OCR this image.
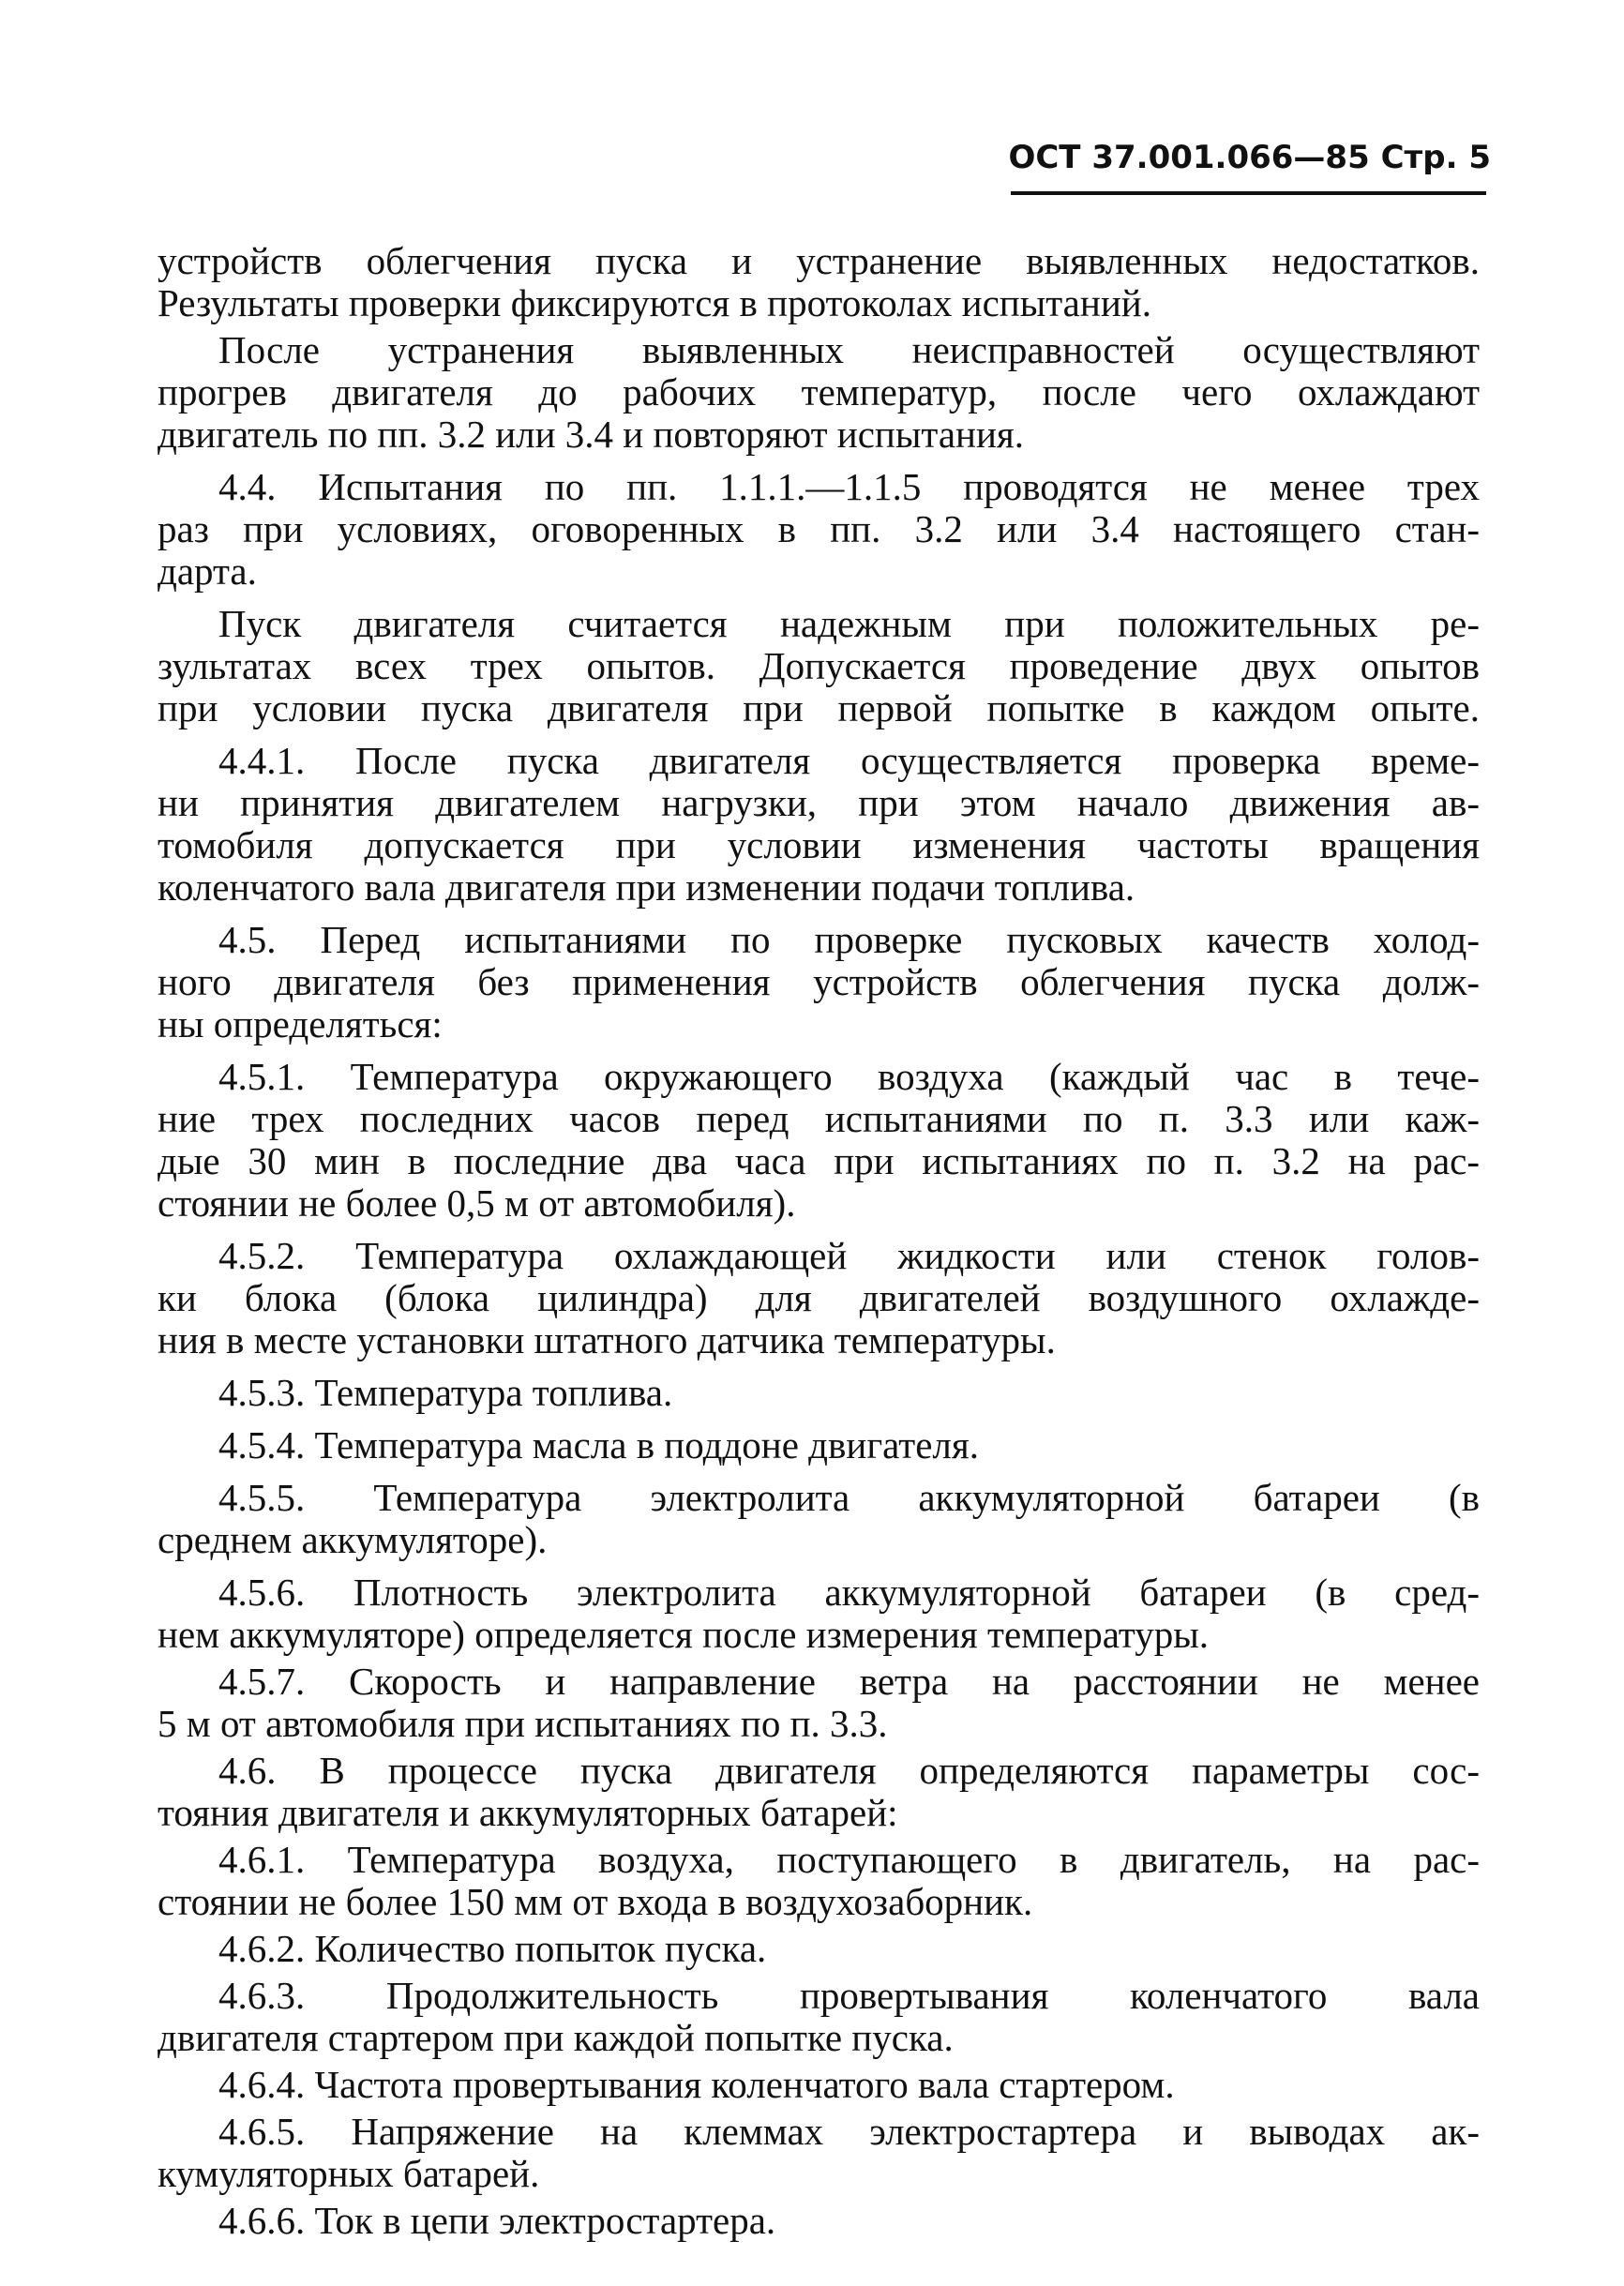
ОСТ 37.001.066—85 Стр. 5
устройств облегчения пуска и устранение выявленных недостатков.
Результаты проверки фиксируются в протоколах испытаний.
После устранения выявленных неисправностей осуществляют
прогрев двигателя до рабочих температур, после чего охлаждают
двигатель по пп. 3.2 или 3.4 и повторяют испытания.
4.4. Испытания по пп. 1.1.1.—1.1.5 проводятся не менее трех
раз при условиях, оговоренных в пп. 3.2 или 3.4 настоящего стан-
дарта.
Пуск двигателя считается надежным при положительных ре-
зультатах всех трех опытов. Допускается проведение двух опытов
при условии пуска двигателя при первой попытке в каждом опыте.
4.4.1. После пуска двигателя осуществляется проверка време-
ни принятия двигателем нагрузки, при этом начало движения ав-
томобиля допускается при условии изменения частоты вращения
коленчатого вала двигателя при изменении подачи топлива.
4.5. Перед испытаниями по проверке пусковых качеств холод-
ного двигателя без применения устройств облегчения пуска долж-
ны определяться:
4.5.1. Температура окружающего воздуха (каждый час в тече-
ние трех последних часов перед испытаниями по п. 3.3 или каж-
дые 30 мин в последние два часа при испытаниях по п. 3.2 на рас-
стоянии не более 0,5 м от автомобиля).
4.5.2. Температура охлаждающей жидкости или стенок голов-
ки блока (блока цилиндра) для двигателей воздушного охлажде-
ния в месте установки штатного датчика температуры.
4.5.3. Температура топлива.
4.5.4. Температура масла в поддоне двигателя.
4.5.5. Температура электролита аккумуляторной батареи (в
среднем аккумуляторе).
4.5.6. Плотность электролита аккумуляторной батареи (в сред-
нем аккумуляторе) определяется после измерения температуры.
4.5.7. Скорость и направление ветра на расстоянии не менее
5 м от автомобиля при испытаниях по п. 3.3.
4.6. В процессе пуска двигателя определяются параметры сос-
тояния двигателя и аккумуляторных батарей:
4.6.1. Температура воздуха, поступающего в двигатель, на рас-
стоянии не более 150 мм от входа в воздухозаборник.
4.6.2. Количество попыток пуска.
4.6.3. Продолжительность провертывания коленчатого вала
двигателя стартером при каждой попытке пуска.
4.6.4. Частота провертывания коленчатого вала стартером.
4.6.5. Напряжение на клеммах электростартера и выводах ак-
кумуляторных батарей.
4.6.6. Ток в цепи электростартера.
